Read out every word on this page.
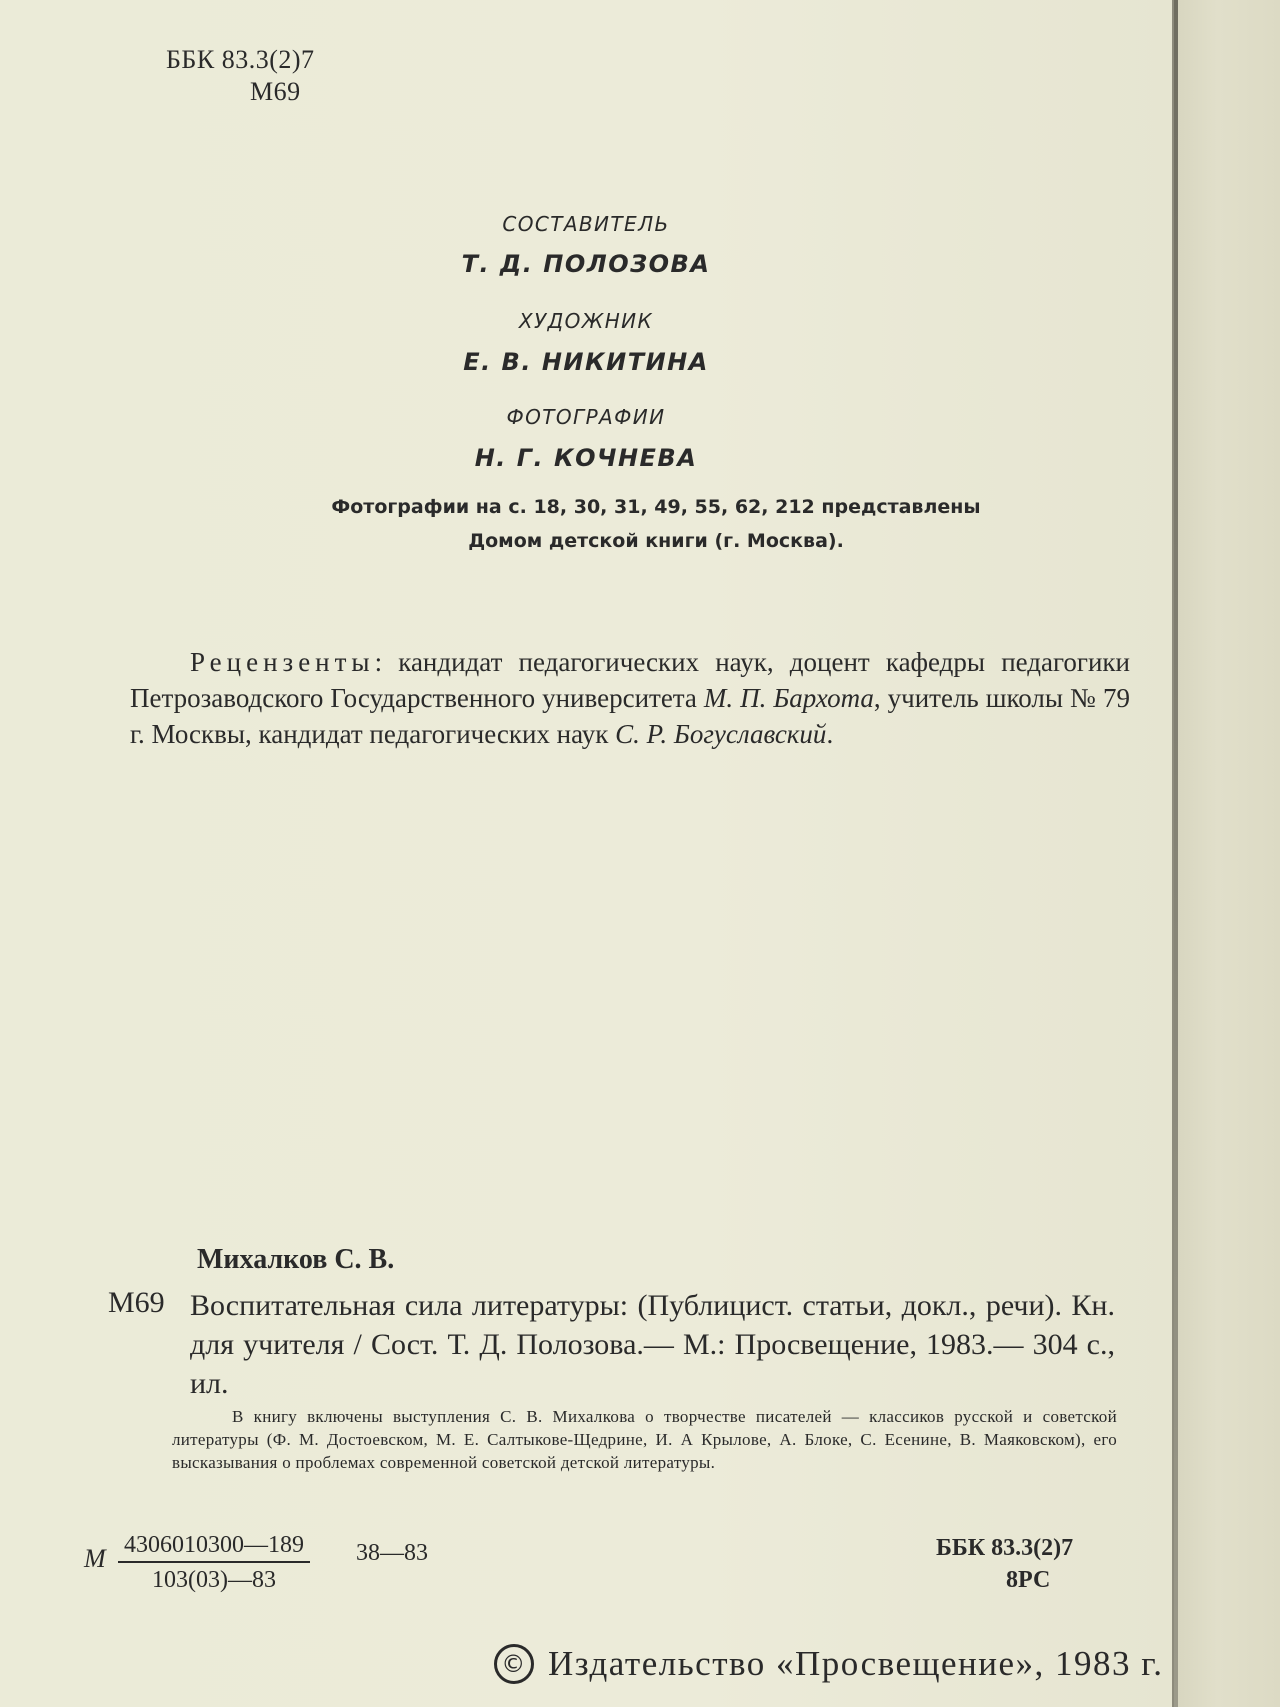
ББК 83.3(2)7
М69
СОСТАВИТЕЛЬ
Т. Д. ПОЛОЗОВА
ХУДОЖНИК
Е. В. НИКИТИНА
ФОТОГРАФИИ
Н. Г. КОЧНЕВА
Фотографии на с. 18, 30, 31, 49, 55, 62, 212 представлены
Домом детской книги (г. Москва).

Рецензенты: кандидат педагогических наук, доцент кафедры педагогики Петрозаводского Государственного университета М. П. Бархота, учитель школы № 79 г. Москвы, кандидат педагогических наук С. Р. Богуславский.

Михалков С. В.
М69 Воспитательная сила литературы: (Публицист. статьи, докл., речи). Кн. для учителя / Сост. Т. Д. Полозова.— М.: Просвещение, 1983.— 304 с., ил.

В книгу включены выступления С. В. Михалкова о творчестве писателей — классиков русской и советской литературы (Ф. М. Достоевском, М. Е. Салтыкове-Щедрине, И. А Крылове, А. Блоке, С. Есенине, В. Маяковском), его высказывания о проблемах современной советской детской литературы.

М $\frac{4306010300—189}{103(03)—83}$ 38—83	ББК 83.3(2)7
8РС
© Издательство «Просвещение», 1983 г.
